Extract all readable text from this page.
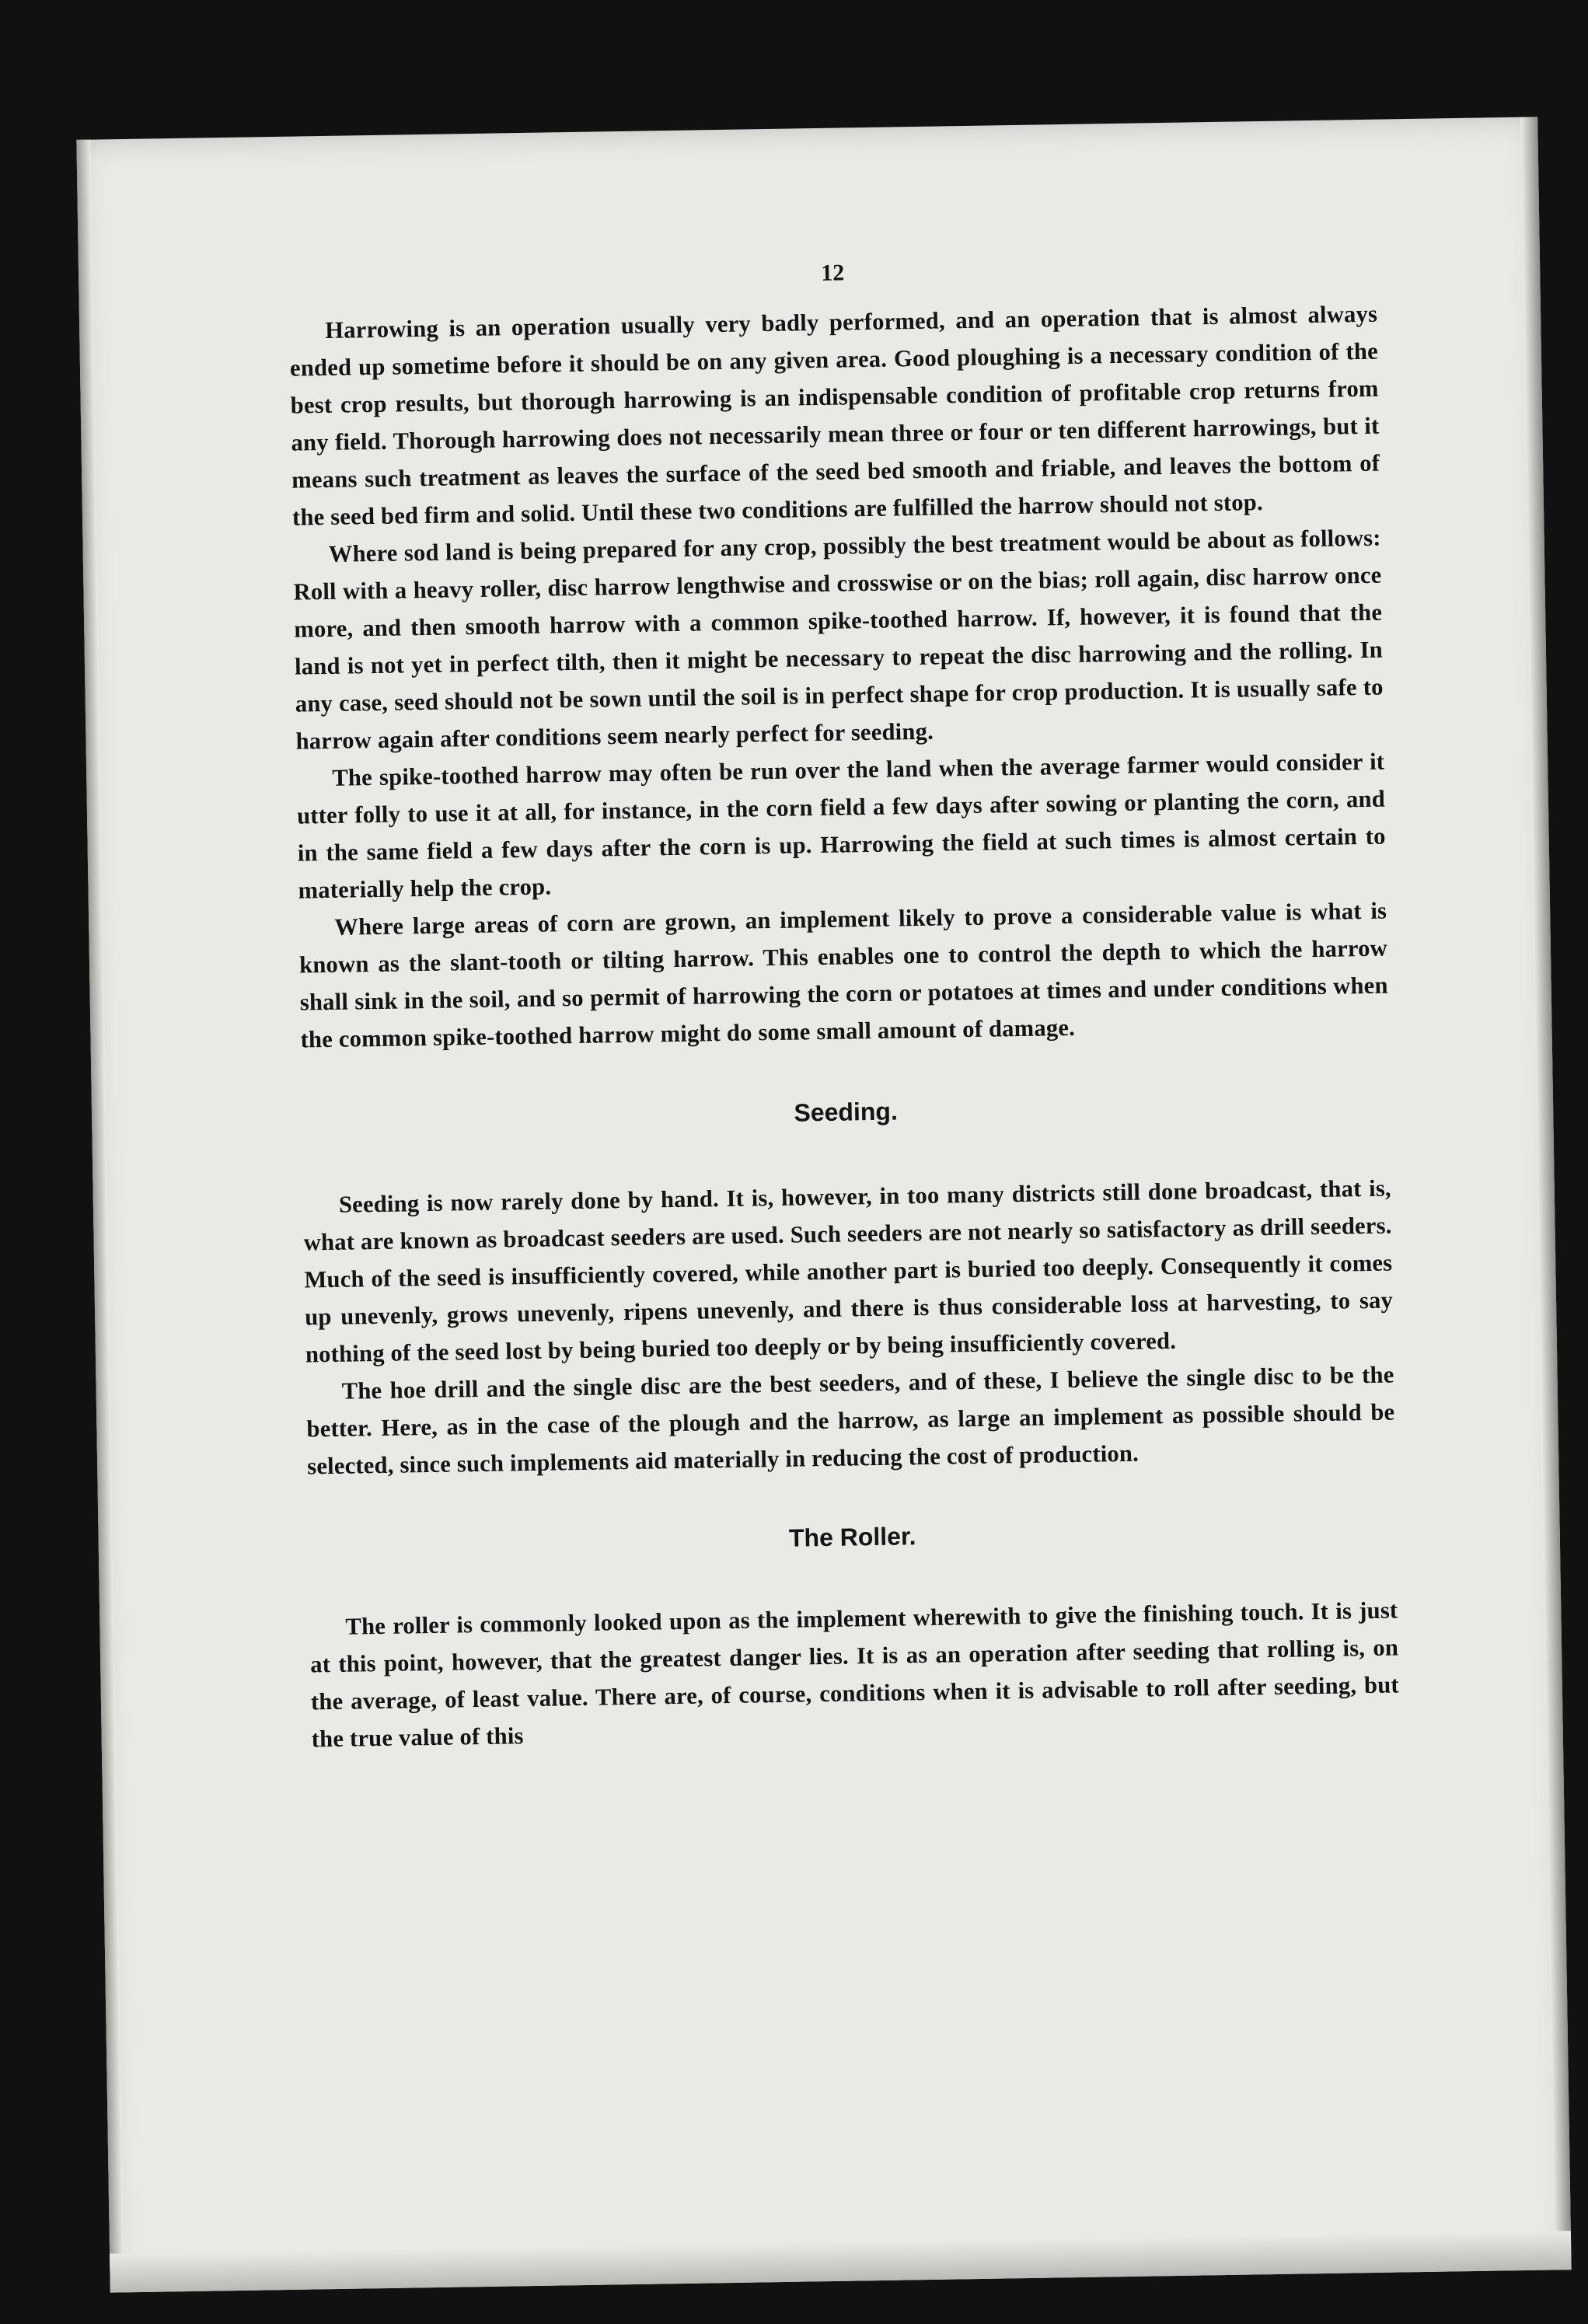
12

Harrowing is an operation usually very badly performed, and an operation that is almost always ended up sometime before it should be on any given area. Good ploughing is a necessary condition of the best crop results, but thorough harrowing is an indispensable condition of profitable crop returns from any field. Thorough harrowing does not necessarily mean three or four or ten different harrowings, but it means such treatment as leaves the surface of the seed bed smooth and friable, and leaves the bottom of the seed bed firm and solid. Until these two conditions are fulfilled the harrow should not stop.

Where sod land is being prepared for any crop, possibly the best treatment would be about as follows: Roll with a heavy roller, disc harrow lengthwise and crosswise or on the bias; roll again, disc harrow once more, and then smooth harrow with a common spike-toothed harrow. If, however, it is found that the land is not yet in perfect tilth, then it might be necessary to repeat the disc harrowing and the rolling. In any case, seed should not be sown until the soil is in perfect shape for crop production. It is usually safe to harrow again after conditions seem nearly perfect for seeding.

The spike-toothed harrow may often be run over the land when the average farmer would consider it utter folly to use it at all, for instance, in the corn field a few days after sowing or planting the corn, and in the same field a few days after the corn is up. Harrowing the field at such times is almost certain to materially help the crop.

Where large areas of corn are grown, an implement likely to prove a considerable value is what is known as the slant-tooth or tilting harrow. This enables one to control the depth to which the harrow shall sink in the soil, and so permit of harrowing the corn or potatoes at times and under conditions when the common spike-toothed harrow might do some small amount of damage.

Seeding.

Seeding is now rarely done by hand. It is, however, in too many districts still done broadcast, that is, what are known as broadcast seeders are used. Such seeders are not nearly so satisfactory as drill seeders. Much of the seed is insufficiently covered, while another part is buried too deeply. Consequently it comes up unevenly, grows unevenly, ripens unevenly, and there is thus considerable loss at harvesting, to say nothing of the seed lost by being buried too deeply or by being insufficiently covered.

The hoe drill and the single disc are the best seeders, and of these, I believe the single disc to be the better. Here, as in the case of the plough and the harrow, as large an implement as possible should be selected, since such implements aid materially in reducing the cost of production.

The Roller.

The roller is commonly looked upon as the implement wherewith to give the finishing touch. It is just at this point, however, that the greatest danger lies. It is as an operation after seeding that rolling is, on the average, of least value. There are, of course, conditions when it is advisable to roll after seeding, but the true value of this
